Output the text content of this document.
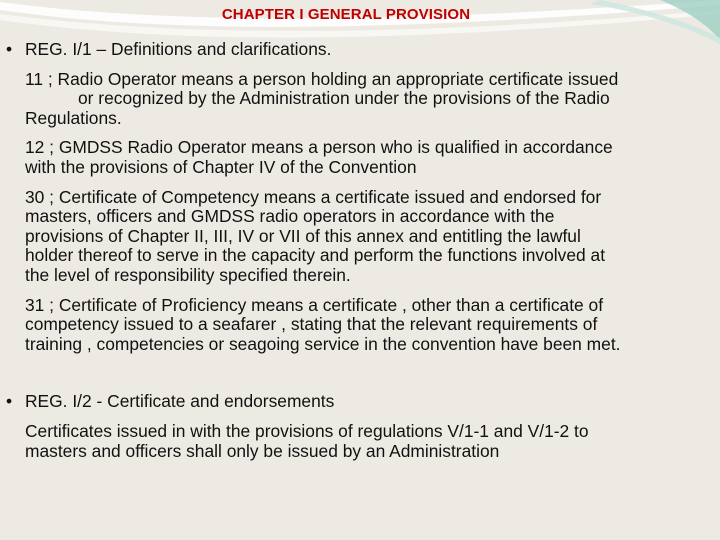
CHAPTER I GENERAL PROVISION

• REG. I/1 – Definitions and clarifications.

11 ; Radio Operator means a person holding an appropriate certificate issued

or recognized by the Administration under the provisions of the Radio

Regulations.

12 ; GMDSS Radio Operator means a person who is qualified in accordance

with the provisions of Chapter IV of the Convention

30 ; Certificate of Competency means a certificate issued and endorsed for

masters, officers and GMDSS radio operators in accordance with the

provisions of Chapter II, III, IV or VII of this annex and entitling the lawful

holder thereof to serve in the capacity and perform the functions involved at

the level of responsibility specified therein.

31 ; Certificate of Proficiency means a certificate , other than a certificate of

competency issued to a seafarer , stating that the relevant requirements of

training , competencies or seagoing service in the convention have been met.

• REG. I/2 - Certificate and endorsements

Certificates issued in with the provisions of regulations V/1-1 and V/1-2 to

masters and officers shall only be issued by an Administration
